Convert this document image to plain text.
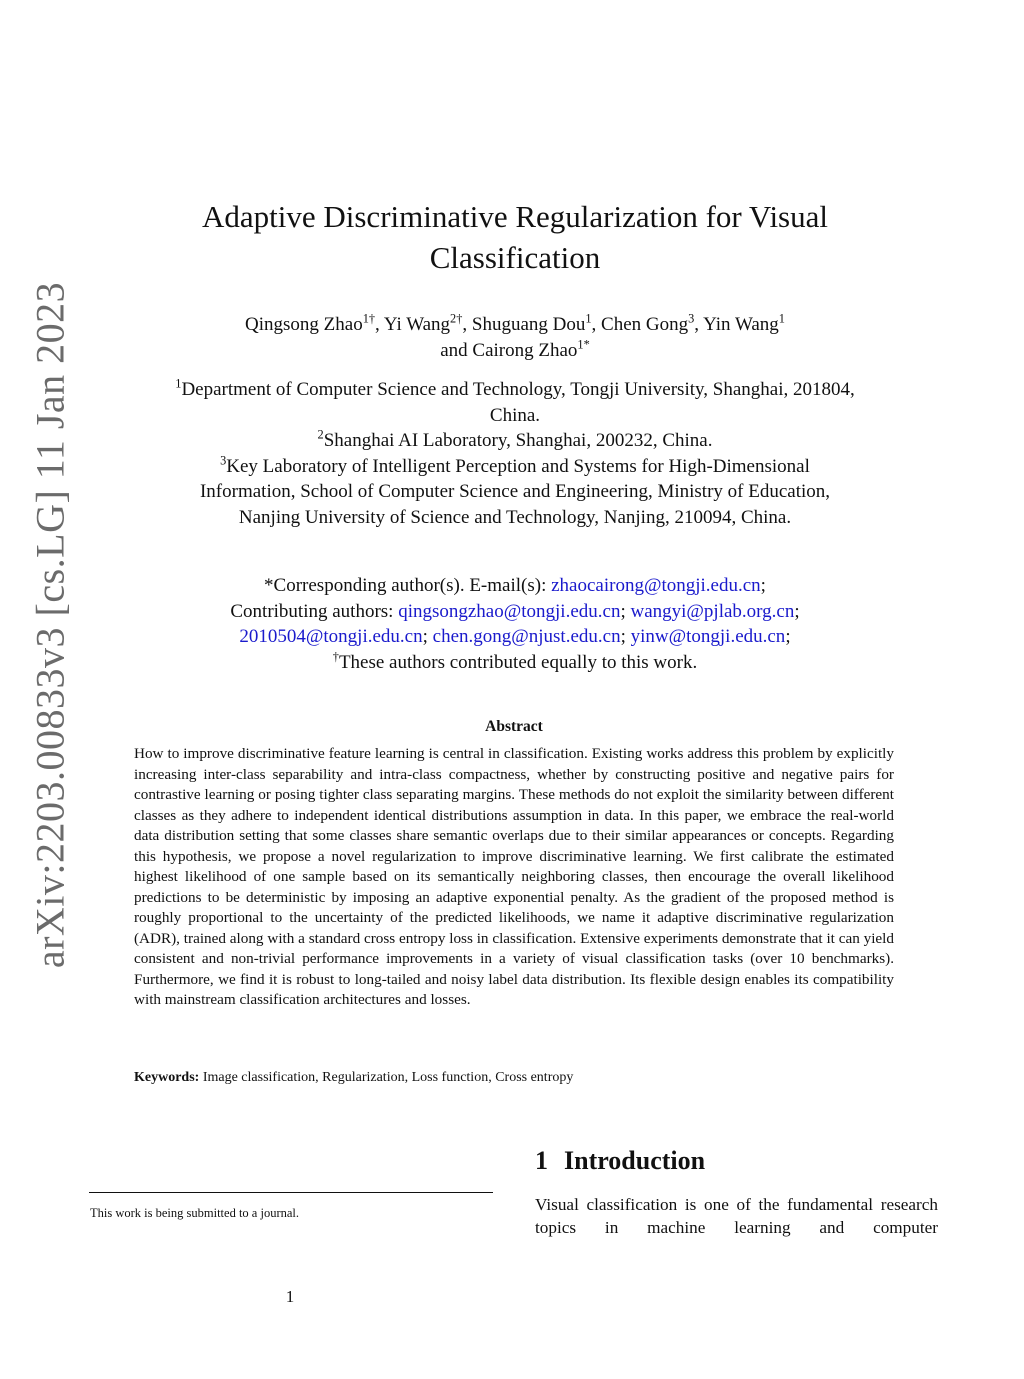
arXiv:2203.00833v3 [cs.LG] 11 Jan 2023
Adaptive Discriminative Regularization for Visual
Classification
Qingsong Zhao$^{1\dagger}$, Yi Wang$^{2\dagger}$, Shuguang Dou$^1$, Chen Gong$^3$, Yin Wang$^1$
and Cairong Zhao$^{1*}$
$^1$Department of Computer Science and Technology, Tongji University, Shanghai, 201804,
China.
$^2$Shanghai AI Laboratory, Shanghai, 200232, China.
$^3$Key Laboratory of Intelligent Perception and Systems for High-Dimensional
Information, School of Computer Science and Engineering, Ministry of Education,
Nanjing University of Science and Technology, Nanjing, 210094, China.
*Corresponding author(s). E-mail(s): zhaocairong@tongji.edu.cn;
Contributing authors: qingsongzhao@tongji.edu.cn; wangyi@pjlab.org.cn;
2010504@tongji.edu.cn; chen.gong@njust.edu.cn; yinw@tongji.edu.cn;
†These authors contributed equally to this work.
Abstract
How to improve discriminative feature learning is central in classification. Existing works address this problem by explicitly increasing inter-class separability and intra-class compactness, whether by constructing positive and negative pairs for contrastive learning or posing tighter class separating margins. These methods do not exploit the similarity between different classes as they adhere to independent identical distributions assumption in data. In this paper, we embrace the real-world data distribution setting that some classes share semantic overlaps due to their similar appearances or concepts. Regarding this hypothesis, we propose a novel regularization to improve discriminative learning. We first calibrate the estimated highest likelihood of one sample based on its semantically neighboring classes, then encourage the overall likelihood predictions to be deterministic by imposing an adaptive exponential penalty. As the gradient of the proposed method is roughly proportional to the uncertainty of the predicted likelihoods, we name it adaptive discriminative regularization (ADR), trained along with a standard cross entropy loss in classification. Extensive experiments demonstrate that it can yield consistent and non-trivial performance improvements in a variety of visual classification tasks (over 10 benchmarks). Furthermore, we find it is robust to long-tailed and noisy label data distribution. Its flexible design enables its compatibility with mainstream classification architectures and losses.
Keywords: Image classification, Regularization, Loss function, Cross entropy
This work is being submitted to a journal.
1 Introduction
Visual classification is one of the fundamental research topics in machine learning and computer
1
